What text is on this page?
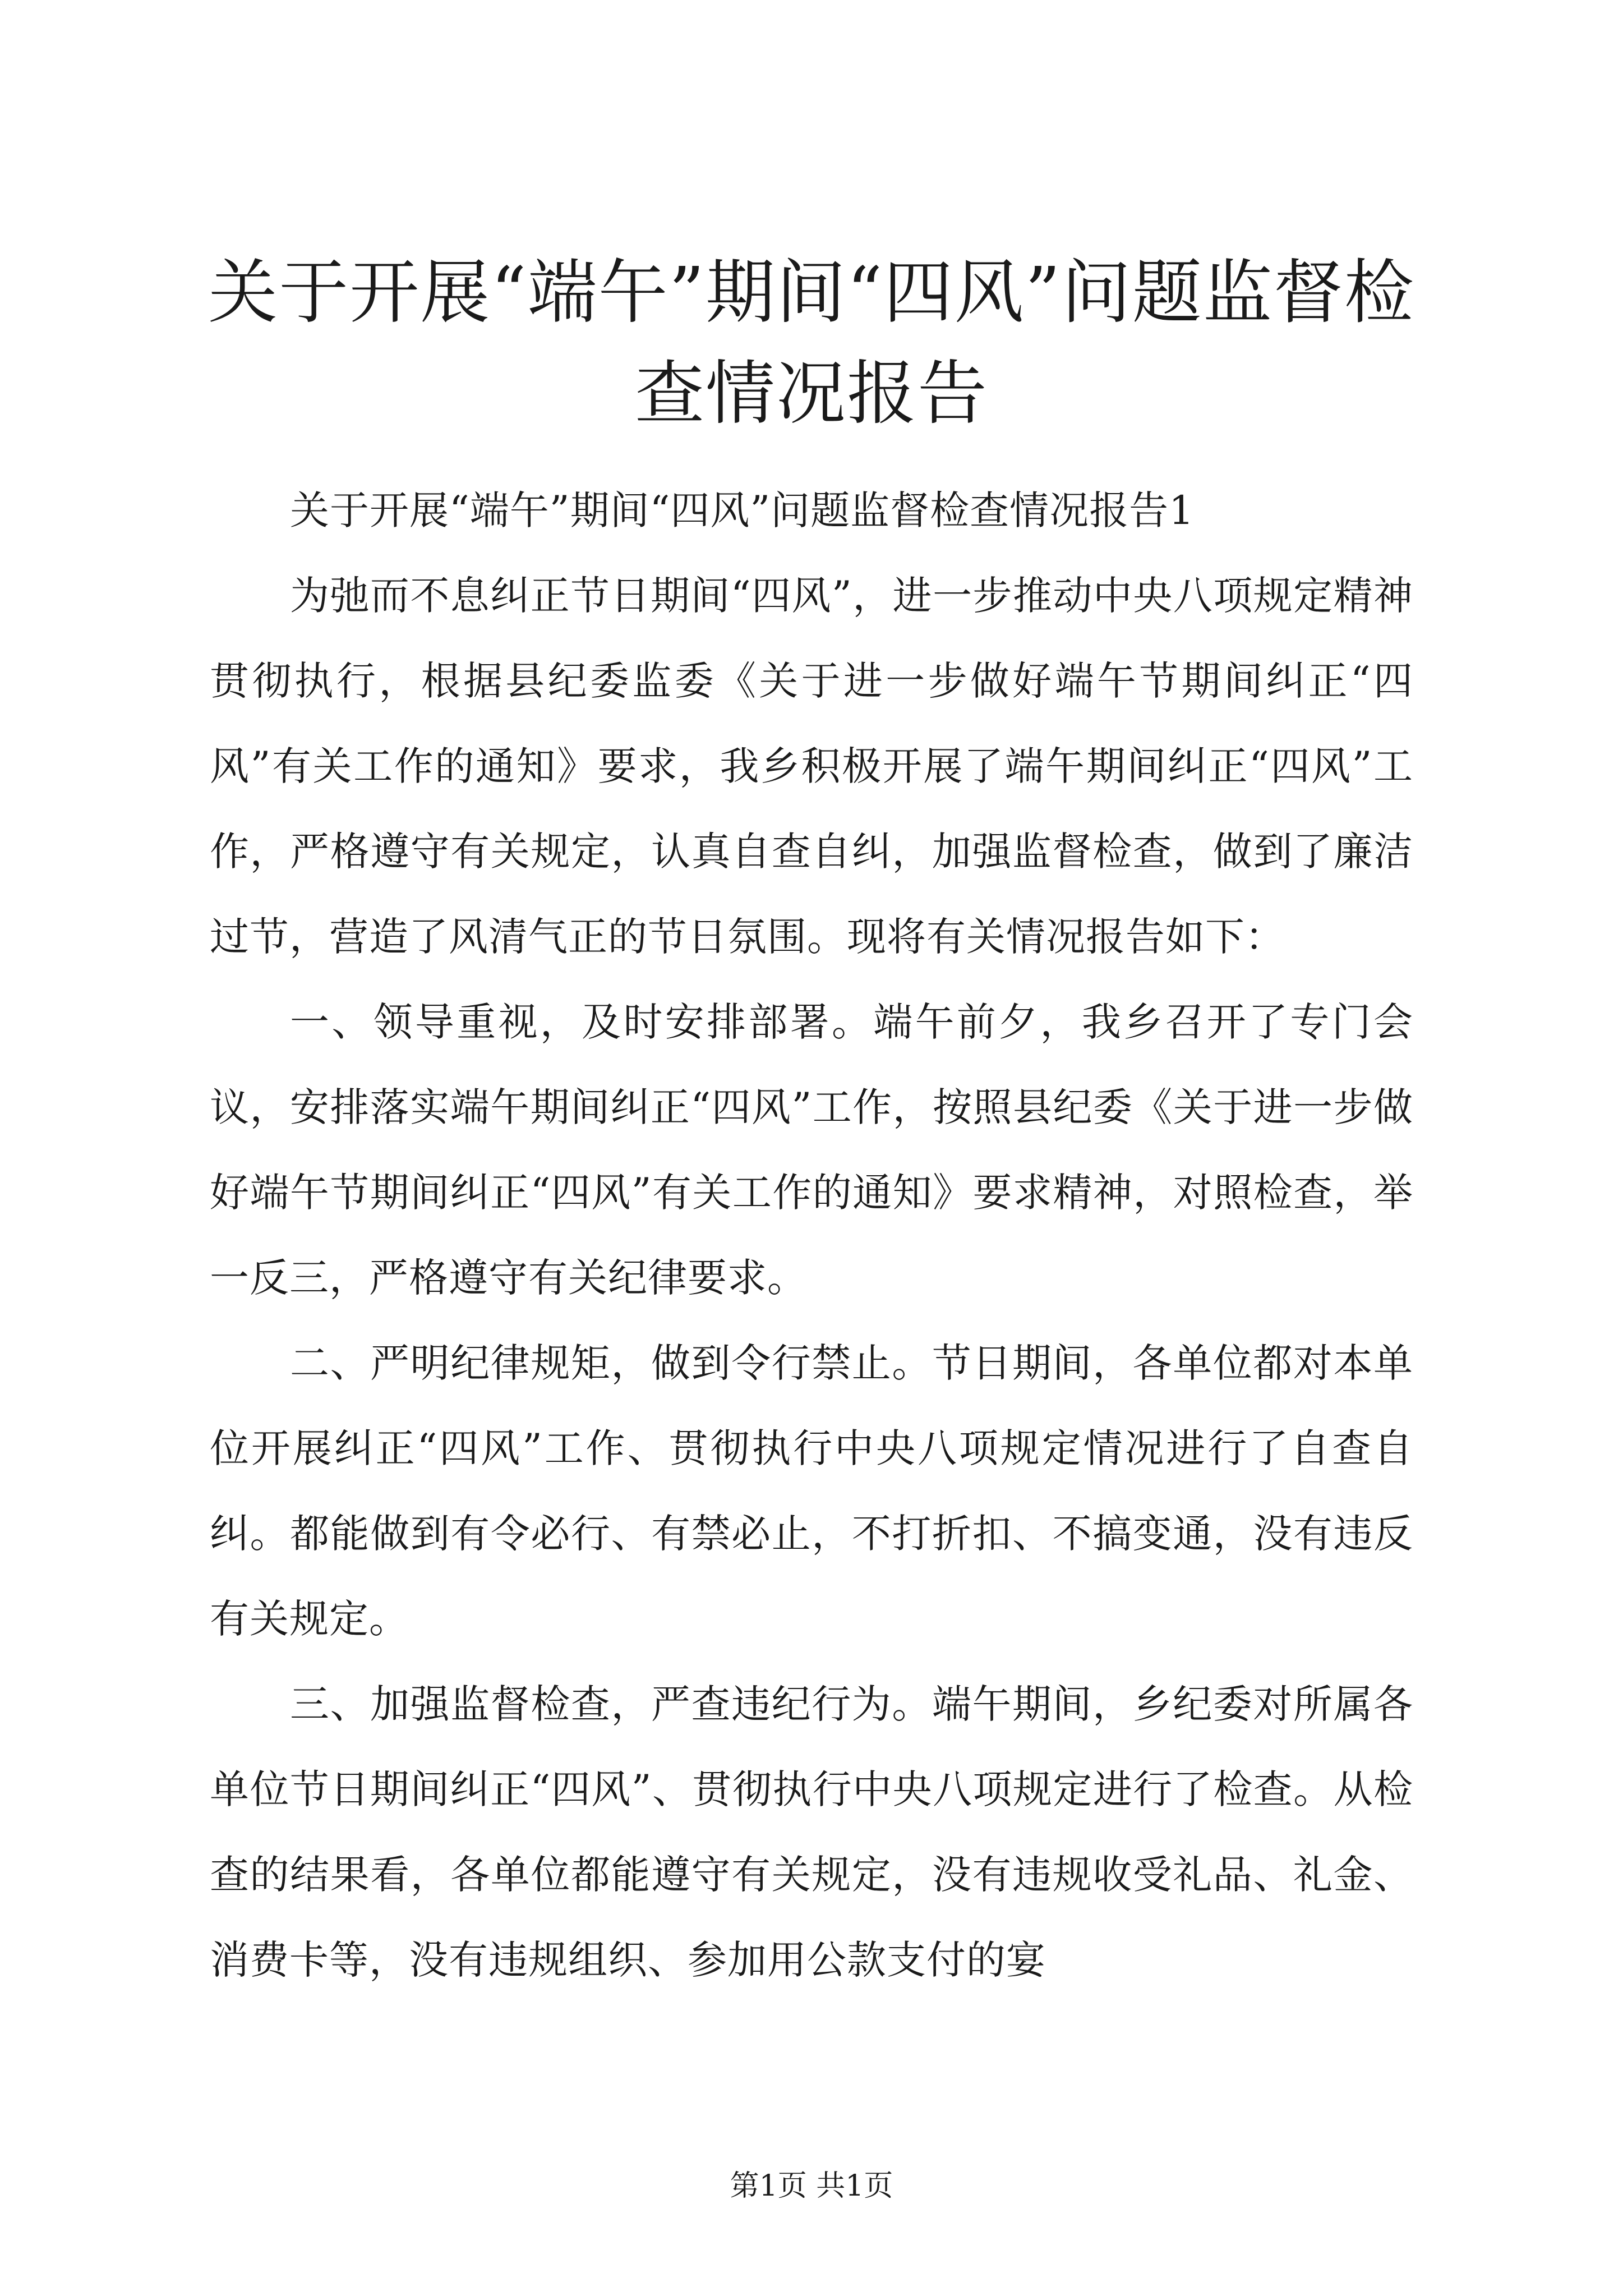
关于开展“端午”期间“四风”问题监督检查情况报告

关于开展“端午”期间“四风”问题监督检查情况报告1

为弛而不息纠正节日期间“四风”，进一步推动中央八项规定精神贯彻执行，根据县纪委监委《关于进一步做好端午节期间纠正“四风”有关工作的通知》要求，我乡积极开展了端午期间纠正“四风”工作，严格遵守有关规定，认真自查自纠，加强监督检查，做到了廉洁过节，营造了风清气正的节日氛围。现将有关情况报告如下：

一、领导重视，及时安排部署。端午前夕，我乡召开了专门会议，安排落实端午期间纠正“四风”工作，按照县纪委《关于进一步做好端午节期间纠正“四风”有关工作的通知》要求精神，对照检查，举一反三，严格遵守有关纪律要求。

二、严明纪律规矩，做到令行禁止。节日期间，各单位都对本单位开展纠正“四风”工作、贯彻执行中央八项规定情况进行了自查自纠。都能做到有令必行、有禁必止，不打折扣、不搞变通，没有违反有关规定。

三、加强监督检查，严查违纪行为。端午期间，乡纪委对所属各单位节日期间纠正“四风”、贯彻执行中央八项规定进行了检查。从检查的结果看，各单位都能遵守有关规定，没有违规收受礼品、礼金、消费卡等，没有违规组织、参加用公款支付的宴

第1页 共1页
